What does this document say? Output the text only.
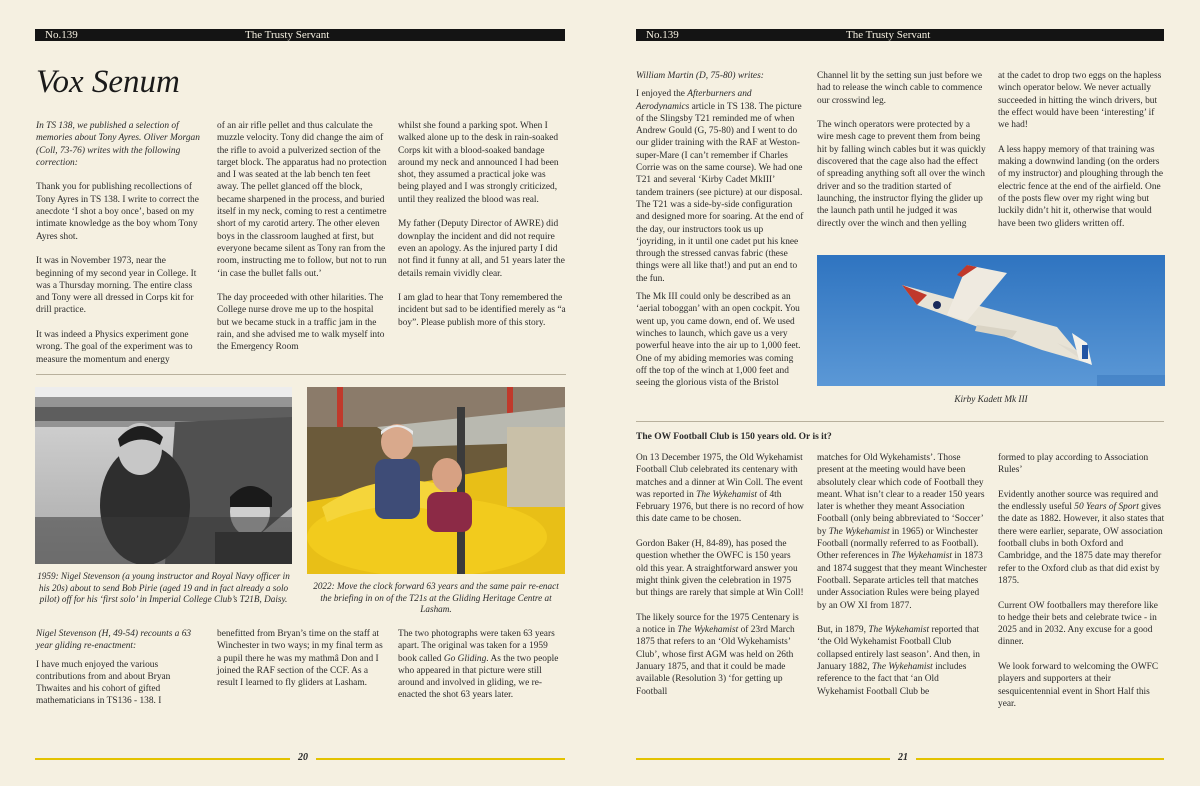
No.139	The Trusty Servant
Vox Senum

In TS 138, we published a selection of memories about Tony Ayres. Oliver Morgan (Coll, 73-76) writes with the following correction:

Thank you for publishing recollections of Tony Ayres in TS 138. I write to correct the anecdote ‘I shot a boy once’, based on my intimate knowledge as the boy whom Tony Ayres shot.

It was in November 1973, near the beginning of my second year in College. It was a Thursday morning. The entire class and Tony were all dressed in Corps kit for drill practice.

It was indeed a Physics experiment gone wrong. The goal of the experiment was to measure the momentum and energy

of an air rifle pellet and thus calculate the muzzle velocity. Tony did change the aim of the rifle to avoid a pulverized section of the target block. The apparatus had no protection and I was seated at the lab bench ten feet away. The pellet glanced off the block, became sharpened in the process, and buried itself in my neck, coming to rest a centimetre short of my carotid artery. The other eleven boys in the classroom laughed at first, but everyone became silent as Tony ran from the room, instructing me to follow, but not to run ‘in case the bullet falls out.’

The day proceeded with other hilarities. The College nurse drove me up to the hospital but we became stuck in a traffic jam in the rain, and she advised me to walk myself into the Emergency Room

whilst she found a parking spot. When I walked alone up to the desk in rain-soaked Corps kit with a blood-soaked bandage around my neck and announced I had been shot, they assumed a practical joke was being played and I was strongly criticized, until they realized the blood was real.

My father (Deputy Director of AWRE) did downplay the incident and did not require even an apology. As the injured party I did not find it funny at all, and 51 years later the details remain vividly clear.

I am glad to hear that Tony remembered the incident but sad to be identified merely as “a boy”. Please publish more of this story.

1959: Nigel Stevenson (a young instructor and Royal Navy officer in his 20s) about to send Bob Pirie (aged 19 and in fact already a solo pilot) off for his ‘first solo’ in Imperial College Club’s T21B, Daisy.
2022: Move the clock forward 63 years and the same pair re-enact the briefing in on of the T21s at the Gliding Heritage Centre at Lasham.

Nigel Stevenson (H, 49-54) recounts a 63 year gliding re-enactment:

I have much enjoyed the various contributions from and about Bryan Thwaites and his cohort of gifted mathematicians in TS136 - 138. I

benefitted from Bryan’s time on the staff at Winchester in two ways; in my final term as a pupil there he was my mathmâ Don and I joined the RAF section of the CCF. As a result I learned to fly gliders at Lasham.

The two photographs were taken 63 years apart. The original was taken for a 1959 book called Go Gliding. As the two people who appeared in that picture were still around and involved in gliding, we re-enacted the shot 63 years later.

20
No.139	The Trusty Servant

William Martin (D, 75-80) writes:

I enjoyed the Afterburners and Aerodynamics article in TS 138. The picture of the Slingsby T21 reminded me of when Andrew Gould (G, 75-80) and I went to do our glider training with the RAF at Weston-super-Mare (I can’t remember if Charles Corrie was on the same course). We had one T21 and several ‘Kirby Cadet MkIII’ tandem trainers (see picture) at our disposal. The T21 was a side-by-side configuration and designed more for soaring. At the end of the day, our instructors took us up ‘joyriding, in it until one cadet put his knee through the stressed canvas fabric (these things were all like that!) and put an end to the fun.

The Mk III could only be described as an ‘aerial toboggan’ with an open cockpit. You went up, you came down, end of. We used winches to launch, which gave us a very powerful heave into the air up to 1,000 feet. One of my abiding memories was coming off the top of the winch at 1,000 feet and seeing the glorious vista of the Bristol

Channel lit by the setting sun just before we had to release the winch cable to commence our crosswind leg.

The winch operators were protected by a wire mesh cage to prevent them from being hit by falling winch cables but it was quickly discovered that the cage also had the effect of spreading anything soft all over the winch driver and so the tradition started of launching, the instructor flying the glider up the launch path until he judged it was directly over the winch and then yelling

at the cadet to drop two eggs on the hapless winch operator below. We never actually succeeded in hitting the winch drivers, but the effect would have been ‘interesting’ if we had!

A less happy memory of that training was making a downwind landing (on the orders of my instructor) and ploughing through the electric fence at the end of the airfield. One of the posts flew over my right wing but luckily didn’t hit it, otherwise that would have been two gliders written off.

Kirby Kadett Mk III
The OW Football Club is 150 years old. Or is it?

On 13 December 1975, the Old Wykehamist Football Club celebrated its centenary with matches and a dinner at Win Coll. The event was reported in The Wykehamist of 4th February 1976, but there is no record of how this date came to be chosen.

Gordon Baker (H, 84-89), has posed the question whether the OWFC is 150 years old this year. A straightforward answer you might think given the celebration in 1975 but things are rarely that simple at Win Coll!

The likely source for the 1975 Centenary is a notice in The Wykehamist of 23rd March 1875 that refers to an ‘Old Wykehamists’ Club’, whose first AGM was held on 26th January 1875, and that it could be made available (Resolution 3) ‘for getting up Football

matches for Old Wykehamists’. Those present at the meeting would have been absolutely clear which code of Football they meant. What isn’t clear to a reader 150 years later is whether they meant Association Football (only being abbreviated to ‘Soccer’ by The Wykehamist in 1965) or Winchester Football (normally referred to as Football). Other references in The Wykehamist in 1873 and 1874 suggest that they meant Winchester Football. Separate articles tell that matches under Association Rules were being played by an OW XI from 1877.

But, in 1879, The Wykehamist reported that ‘the Old Wykehamist Football Club collapsed entirely last season’. And then, in January 1882, The Wykehamist includes reference to the fact that ‘an Old Wykehamist Football Club be

formed to play according to Association Rules’

Evidently another source was required and the endlessly useful 50 Years of Sport gives the date as 1882. However, it also states that there were earlier, separate, OW association football clubs in both Oxford and Cambridge, and the 1875 date may therefor refer to the Oxford club as that did exist by 1875.

Current OW footballers may therefore like to hedge their bets and celebrate twice - in 2025 and in 2032. Any excuse for a good dinner.

We look forward to welcoming the OWFC players and supporters at their sesquicentennial event in Short Half this year.

21
